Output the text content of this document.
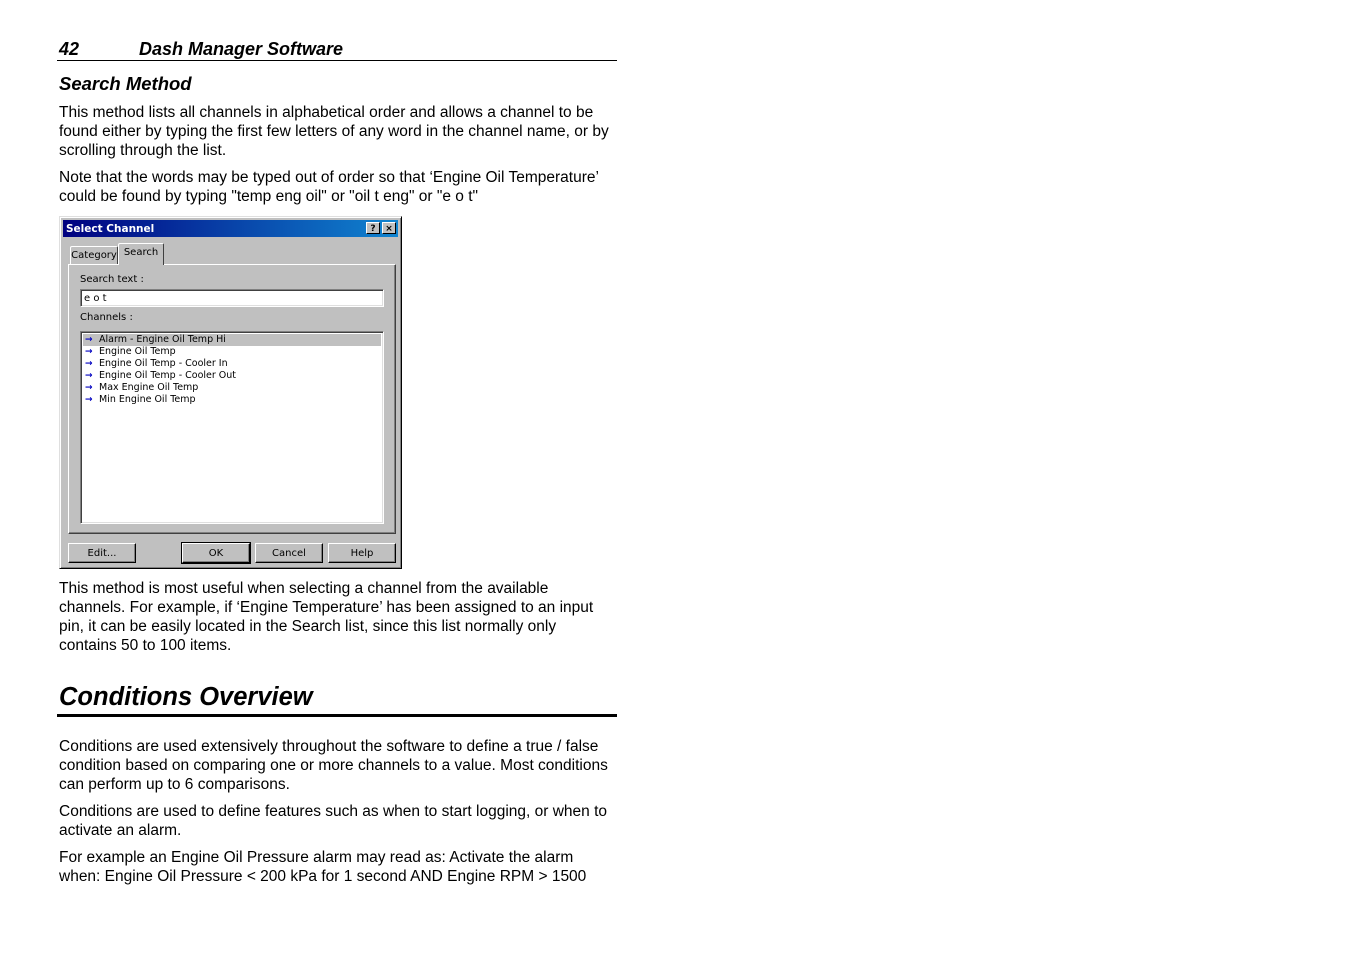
42	Dash Manager Software
Search Method

This method lists all channels in alphabetical order and allows a channel to be found either by typing the first few letters of any word in the channel name, or by scrolling through the list.

Note that the words may be typed out of order so that ‘Engine Oil Temperature’ could be found by typing "temp eng oil" or "oil t eng" or "e o t"

Select Channel	?	×
Category Search
Search text :
e o t
Channels :
→ Alarm - Engine Oil Temp Hi
→ Engine Oil Temp
→ Engine Oil Temp - Cooler In
→ Engine Oil Temp - Cooler Out
→ Max Engine Oil Temp
→ Min Engine Oil Temp
Edit...	OK	Cancel	Help

This method is most useful when selecting a channel from the available channels. For example, if ‘Engine Temperature’ has been assigned to an input pin, it can be easily located in the Search list, since this list normally only contains 50 to 100 items.

Conditions Overview

Conditions are used extensively throughout the software to define a true / false condition based on comparing one or more channels to a value. Most conditions can perform up to 6 comparisons.

Conditions are used to define features such as when to start logging, or when to activate an alarm.

For example an Engine Oil Pressure alarm may read as: Activate the alarm when: Engine Oil Pressure < 200 kPa for 1 second AND Engine RPM > 1500
